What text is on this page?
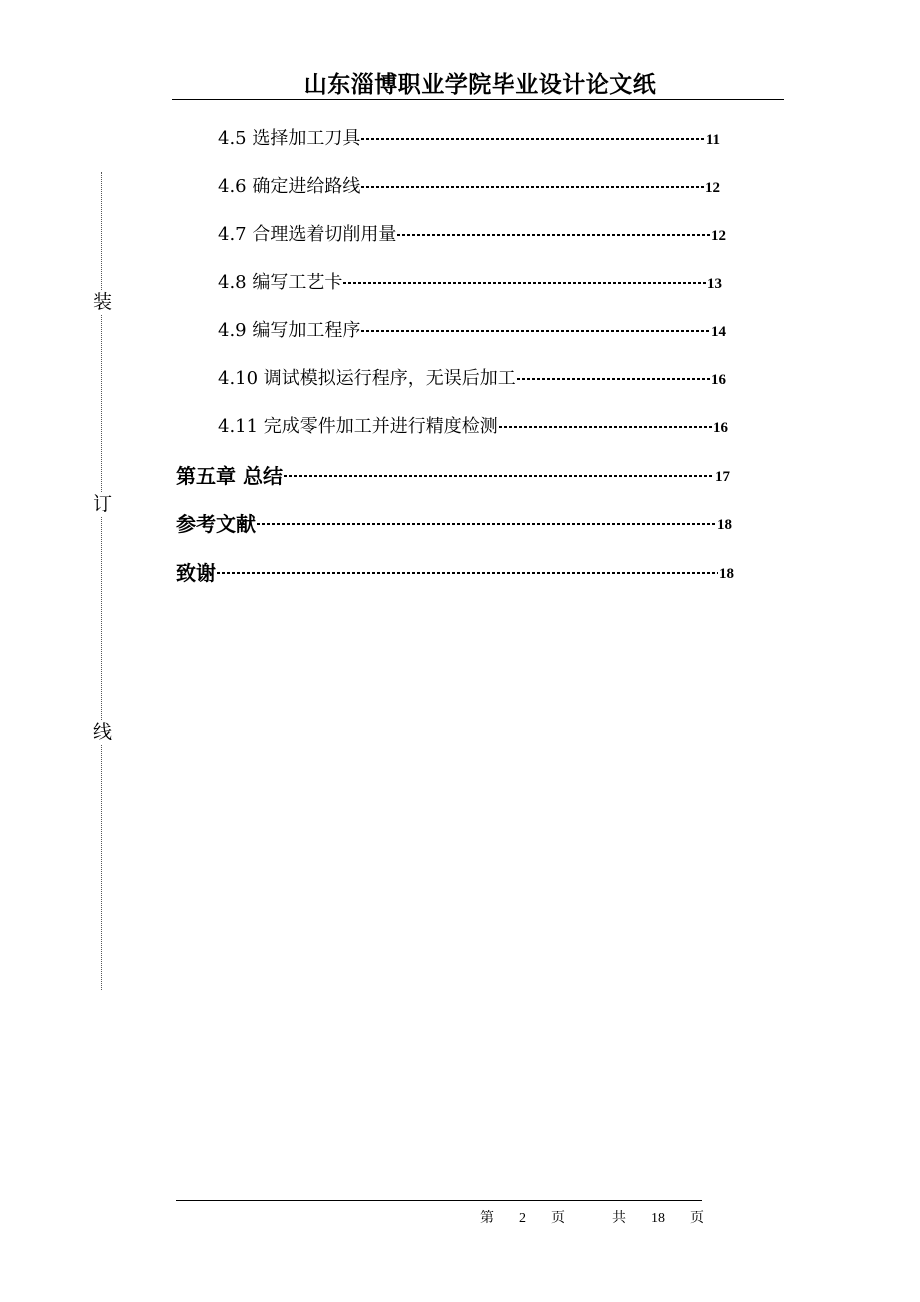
山东淄博职业学院毕业设计论文纸
装
订
线
4.5 选择加工刀具	11
4.6 确定进给路线	12
4.7 合理选着切削用量	12
4.8 编写工艺卡	13
4.9 编写加工程序	14
4.10 调试模拟运行程序，无误后加工	16
4.11 完成零件加工并进行精度检测	16
第五章 总结	17
参考文献	18
致谢	18
第 2 页	共 18 页
